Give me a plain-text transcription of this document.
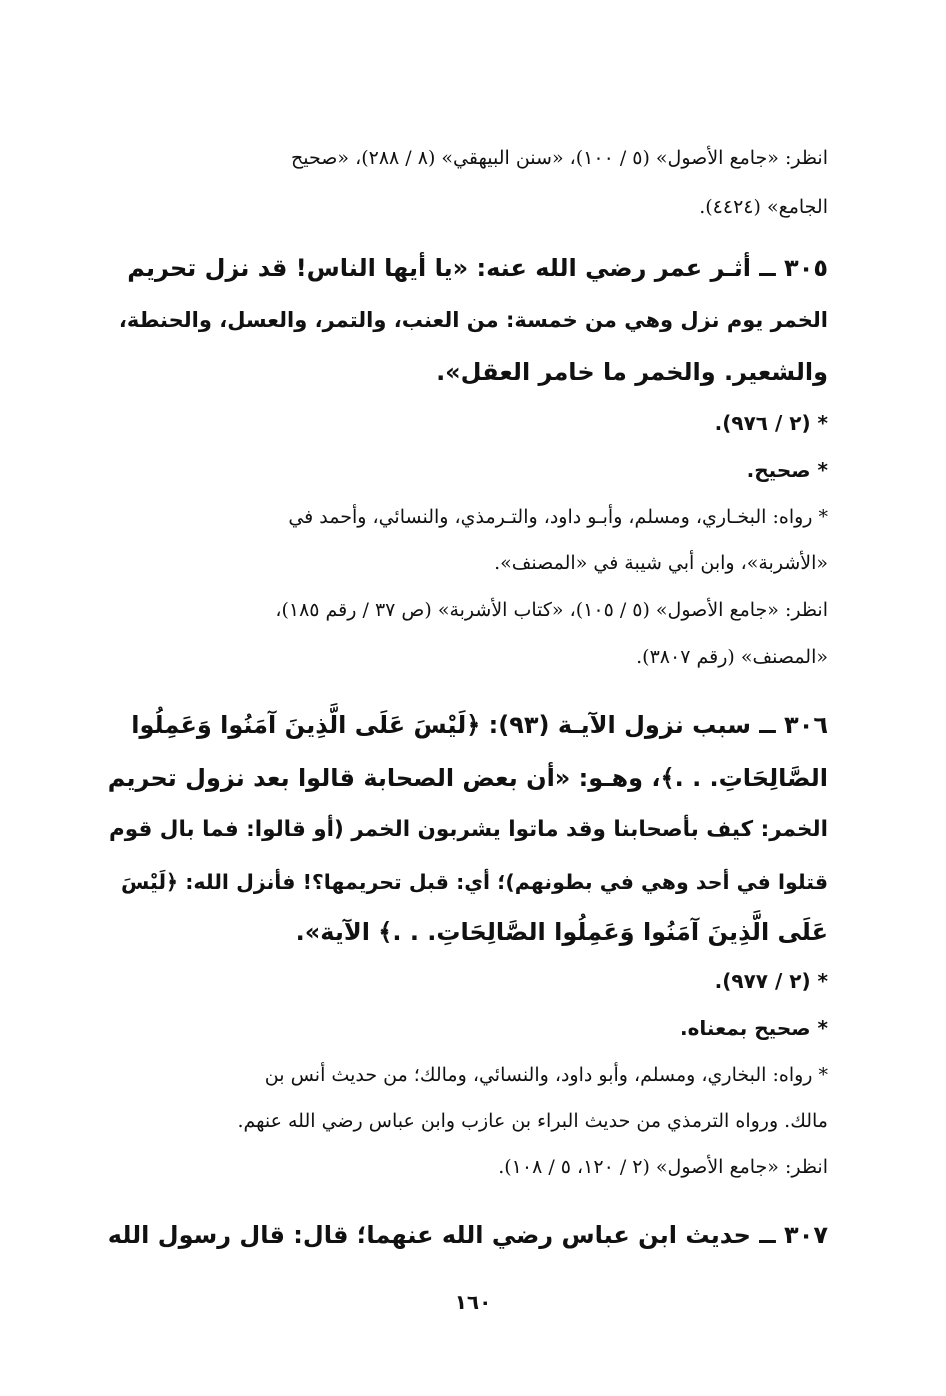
انظر: «جامع الأصول» (٥ / ١٠٠)، «سنن البيهقي» (٨ / ٢٨٨)، «صحيح

الجامع» (٤٤٢٤).

٣٠٥ ــ أثـر عمر رضي الله عنه: «يا أيها الناس! قد نزل تحريم

الخمر يوم نزل وهي من خمسة: من العنب، والتمر، والعسل، والحنطة،

والشعير. والخمر ما خامر العقل».

* (٢ / ٩٧٦).

* صحيح.

* رواه: البخـاري، ومسلم، وأبـو داود، والتـرمذي، والنسائي، وأحمد في

«الأشربة»، وابن أبي شيبة في «المصنف».

انظر: «جامع الأصول» (٥ / ١٠٥)، «كتاب الأشربة» (ص ٣٧ / رقم ١٨٥)،

«المصنف» (رقم ٣٨٠٧).

٣٠٦ ــ سبب نزول الآيـة (٩٣): ﴿لَيْسَ عَلَى الَّذِينَ آمَنُوا وَعَمِلُوا

الصَّالِحَاتِ. . .﴾، وهـو: «أن بعض الصحابة قالوا بعد نزول تحريم

الخمر: كيف بأصحابنا وقد ماتوا يشربون الخمر (أو قالوا: فما بال قوم

قتلوا في أحد وهي في بطونهم)؛ أي: قبل تحريمها؟! فأنزل الله: ﴿لَيْسَ

عَلَى الَّذِينَ آمَنُوا وَعَمِلُوا الصَّالِحَاتِ. . .﴾ الآية».

* (٢ / ٩٧٧).

* صحيح بمعناه.

* رواه: البخاري، ومسلم، وأبو داود، والنسائي، ومالك؛ من حديث أنس بن

مالك. ورواه الترمذي من حديث البراء بن عازب وابن عباس رضي الله عنهم.

انظر: «جامع الأصول» (٢ / ١٢٠، ٥ / ١٠٨).

٣٠٧ ــ حديث ابن عباس رضي الله عنهما؛ قال: قال رسول الله

١٦٠
